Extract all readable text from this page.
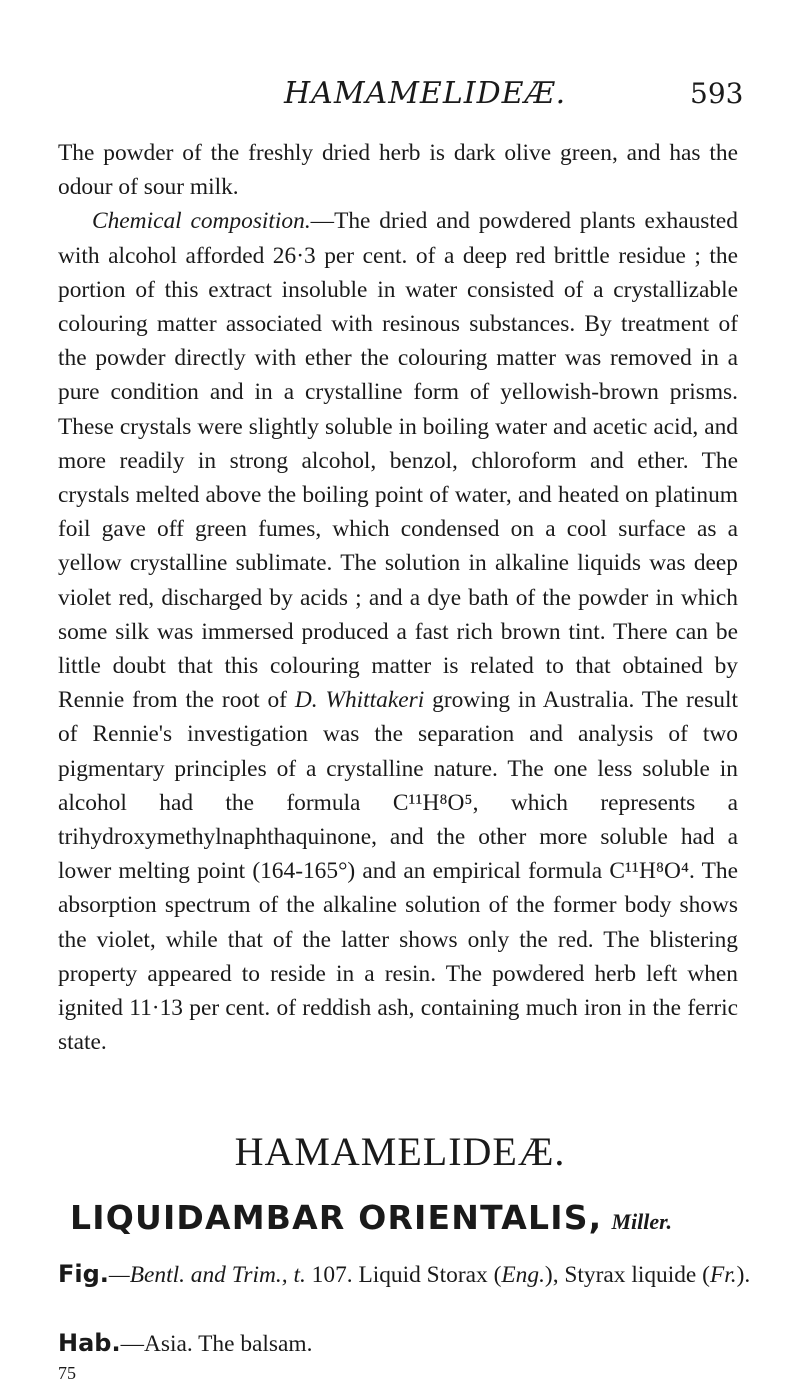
HAMAMELIDEÆ.	593

The powder of the freshly dried herb is dark olive green, and has the odour of sour milk.

Chemical composition.—The dried and powdered plants exhausted with alcohol afforded 26·3 per cent. of a deep red brittle residue ; the portion of this extract insoluble in water consisted of a crystallizable colouring matter associated with resinous substances. By treatment of the powder directly with ether the colouring matter was removed in a pure condition and in a crystalline form of yellowish-brown prisms. These crystals were slightly soluble in boiling water and acetic acid, and more readily in strong alcohol, benzol, chloroform and ether. The crystals melted above the boiling point of water, and heated on platinum foil gave off green fumes, which condensed on a cool surface as a yellow crystalline sublimate. The solution in alkaline liquids was deep violet red, discharged by acids ; and a dye bath of the powder in which some silk was immersed produced a fast rich brown tint. There can be little doubt that this colouring matter is related to that obtained by Rennie from the root of D. Whittakeri growing in Australia. The result of Rennie's investigation was the separation and analysis of two pigmentary principles of a crystalline nature. The one less soluble in alcohol had the formula C¹¹H⁸O⁵, which represents a trihydroxymethylnaphthaquinone, and the other more soluble had a lower melting point (164-165°) and an empirical formula C¹¹H⁸O⁴. The absorption spectrum of the alkaline solution of the former body shows the violet, while that of the latter shows only the red. The blistering property appeared to reside in a resin. The powdered herb left when ignited 11·13 per cent. of reddish ash, containing much iron in the ferric state.

HAMAMELIDEÆ.
LIQUIDAMBAR ORIENTALIS, Miller.
Fig.—Bentl. and Trim., t. 107. Liquid Storax (Eng.), Styrax liquide (Fr.).
Hab.—Asia. The balsam.
75
